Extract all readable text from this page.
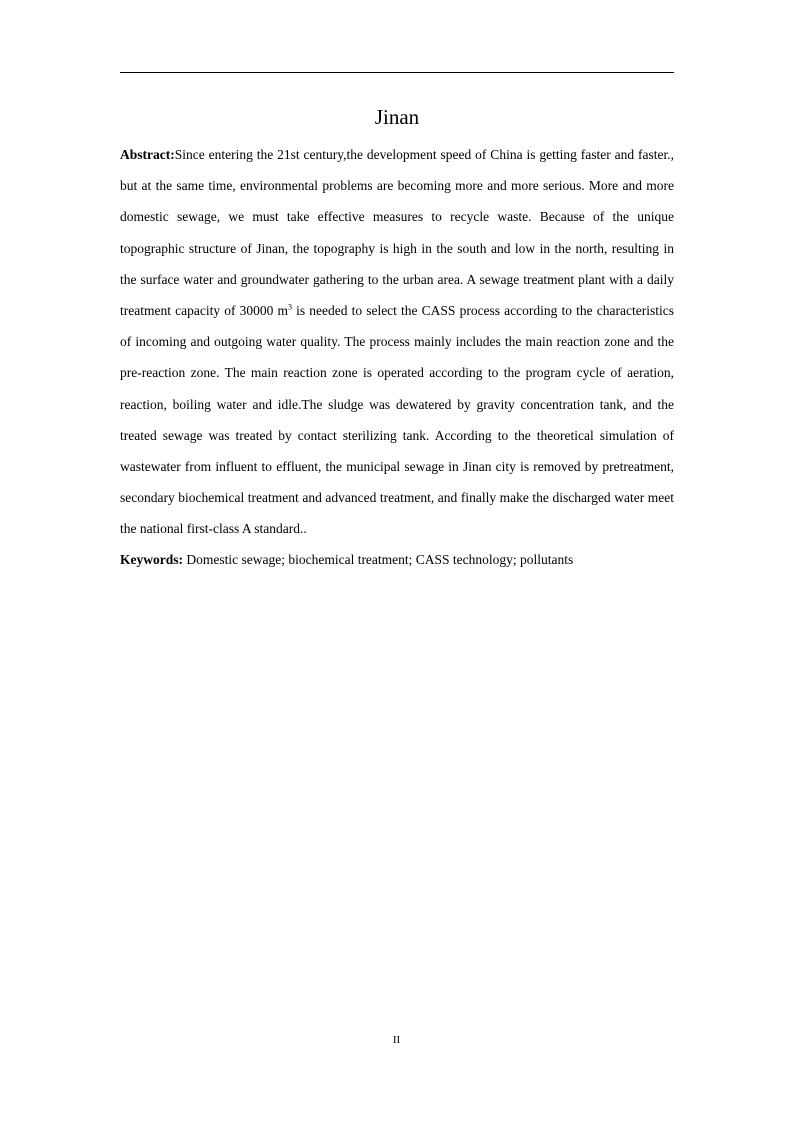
Jinan

Abstract:Since entering the 21st century,the development speed of China is getting faster and faster., but at the same time, environmental problems are becoming more and more serious. More and more domestic sewage, we must take effective measures to recycle waste. Because of the unique topographic structure of Jinan, the topography is high in the south and low in the north, resulting in the surface water and groundwater gathering to the urban area. A sewage treatment plant with a daily treatment capacity of 30000 $m^3$ is needed to select the CASS process according to the characteristics of incoming and outgoing water quality. The process mainly includes the main reaction zone and the pre-reaction zone. The main reaction zone is operated according to the program cycle of aeration, reaction, boiling water and idle.The sludge was dewatered by gravity concentration tank, and the treated sewage was treated by contact sterilizing tank. According to the theoretical simulation of wastewater from influent to effluent, the municipal sewage in Jinan city is removed by pretreatment, secondary biochemical treatment and advanced treatment, and finally make the discharged water meet the national first-class A standard..

Keywords: Domestic sewage; biochemical treatment; CASS technology; pollutants

II
